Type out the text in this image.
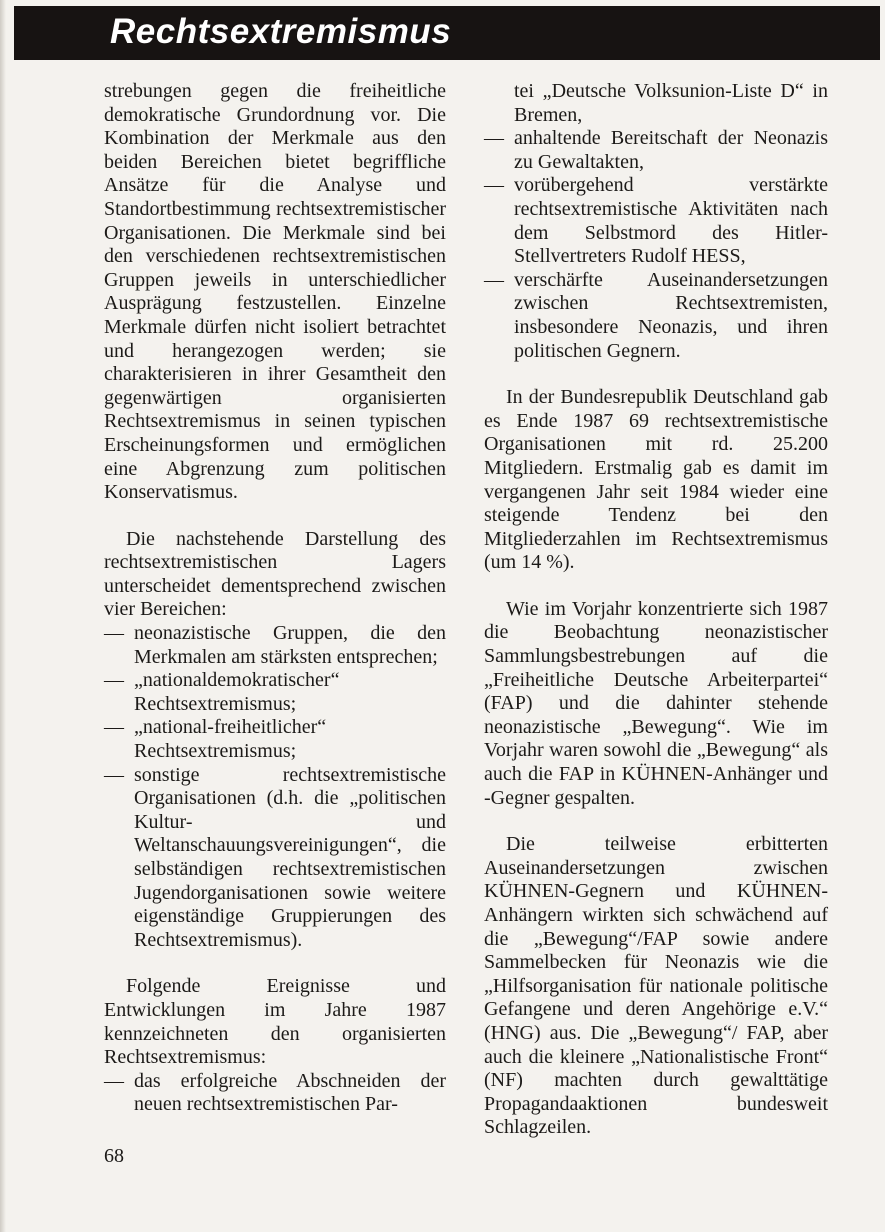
Rechtsextremismus

strebungen gegen die freiheitliche demokratische Grundordnung vor. Die Kombination der Merkmale aus den beiden Bereichen bietet begriffliche Ansätze für die Analyse und Standortbestimmung rechtsextremistischer Organisationen. Die Merkmale sind bei den verschiedenen rechtsextremistischen Gruppen jeweils in unterschiedlicher Ausprägung festzustellen. Einzelne Merkmale dürfen nicht isoliert betrachtet und herangezogen werden; sie charakterisieren in ihrer Gesamtheit den gegenwärtigen organisierten Rechtsextremismus in seinen typischen Erscheinungsformen und ermöglichen eine Abgrenzung zum politischen Konservatismus.

Die nachstehende Darstellung des rechtsextremistischen Lagers unterscheidet dementsprechend zwischen vier Bereichen:

— neonazistische Gruppen, die den Merkmalen am stärksten entsprechen;
— „nationaldemokratischer“ Rechtsextremismus;
— „national-freiheitlicher“ Rechtsextremismus;
— sonstige rechtsextremistische Organisationen (d.h. die „politischen Kultur- und Weltanschauungsvereinigungen“, die selbständigen rechtsextremistischen Jugendorganisationen sowie weitere eigenständige Gruppierungen des Rechtsextremismus).

Folgende Ereignisse und Entwicklungen im Jahre 1987 kennzeichneten den organisierten Rechtsextremismus:

— das erfolgreiche Abschneiden der neuen rechtsextremistischen Par-
tei „Deutsche Volksunion-Liste D“ in Bremen,
— anhaltende Bereitschaft der Neonazis zu Gewaltakten,
— vorübergehend verstärkte rechtsextremistische Aktivitäten nach dem Selbstmord des Hitler-Stellvertreters Rudolf HESS,
— verschärfte Auseinandersetzungen zwischen Rechtsextremisten, insbesondere Neonazis, und ihren politischen Gegnern.

In der Bundesrepublik Deutschland gab es Ende 1987 69 rechtsextremistische Organisationen mit rd. 25.200 Mitgliedern. Erstmalig gab es damit im vergangenen Jahr seit 1984 wieder eine steigende Tendenz bei den Mitgliederzahlen im Rechtsextremismus (um 14 %).

Wie im Vorjahr konzentrierte sich 1987 die Beobachtung neonazistischer Sammlungsbestrebungen auf die „Freiheitliche Deutsche Arbeiterpartei“ (FAP) und die dahinter stehende neonazistische „Bewegung“. Wie im Vorjahr waren sowohl die „Bewegung“ als auch die FAP in KÜHNEN-Anhänger und -Gegner gespalten.

Die teilweise erbitterten Auseinandersetzungen zwischen KÜHNEN-Gegnern und KÜHNEN-Anhängern wirkten sich schwächend auf die „Bewegung“/FAP sowie andere Sammelbecken für Neonazis wie die „Hilfsorganisation für nationale politische Gefangene und deren Angehörige e.V.“ (HNG) aus. Die „Bewegung“/ FAP, aber auch die kleinere „Nationalistische Front“ (NF) machten durch gewalttätige Propagandaaktionen bundesweit Schlagzeilen.

68
